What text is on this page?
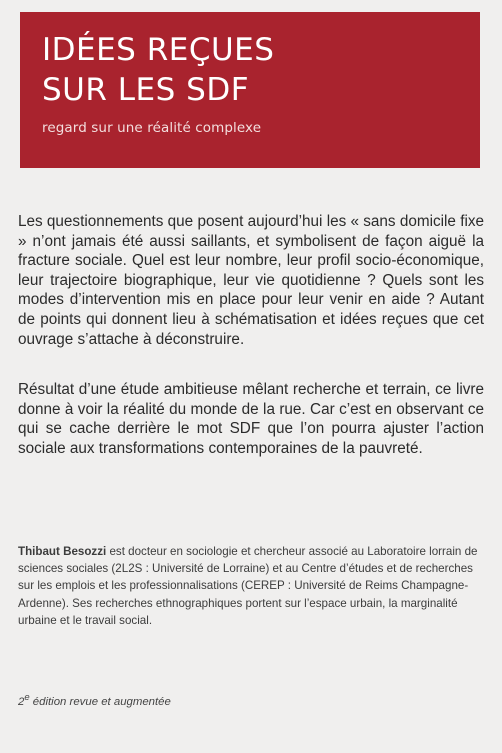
IDÉES REÇUES
SUR LES SDF
regard sur une réalité complexe

Les questionnements que posent aujourd’hui les « sans domicile fixe » n’ont jamais été aussi saillants, et symbolisent de façon aiguë la fracture sociale. Quel est leur nombre, leur profil socio-économique, leur trajectoire biographique, leur vie quotidienne ? Quels sont les modes d’intervention mis en place pour leur venir en aide ? Autant de points qui donnent lieu à schématisation et idées reçues que cet ouvrage s’attache à déconstruire.

Résultat d’une étude ambitieuse mêlant recherche et terrain, ce livre donne à voir la réalité du monde de la rue. Car c’est en observant ce qui se cache derrière le mot SDF que l’on pourra ajuster l’action sociale aux transformations contemporaines de la pauvreté.

Thibaut Besozzi est docteur en sociologie et chercheur associé au Laboratoire lorrain de sciences sociales (2L2S : Université de Lorraine) et au Centre d’études et de recherches sur les emplois et les professionnalisations (CEREP : Université de Reims Champagne-Ardenne). Ses recherches ethnographiques portent sur l’espace urbain, la marginalité urbaine et le travail social.

2e édition revue et augmentée
